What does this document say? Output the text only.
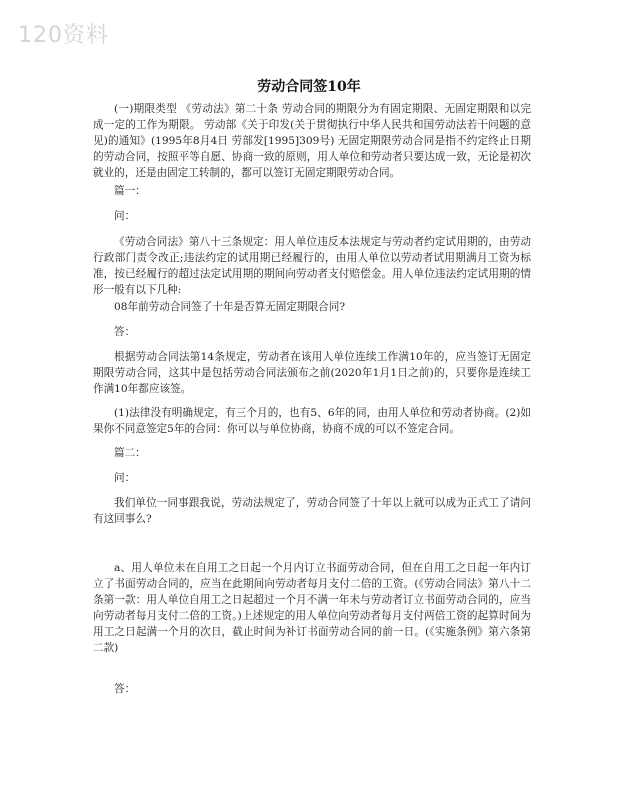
120资料
劳动合同签10年

(一)期限类型 《劳动法》第二十条 劳动合同的期限分为有固定期限、无固定期限和以完成一定的工作为期限。 劳动部《关于印发(关于贯彻执行中华人民共和国劳动法若干问题的意见)的通知》(1995年8月4日 劳部发[1995]309号) 无固定期限劳动合同是指不约定终止日期的劳动合同，按照平等自愿、协商一致的原则，用人单位和劳动者只要达成一致，无论是初次就业的，还是由固定工转制的，都可以签订无固定期限劳动合同。

篇一：

问：

《劳动合同法》第八十三条规定：用人单位违反本法规定与劳动者约定试用期的，由劳动行政部门责令改正;违法约定的试用期已经履行的，由用人单位以劳动者试用期满月工资为标准，按已经履行的超过法定试用期的期间向劳动者支付赔偿金。用人单位违法约定试用期的情形一般有以下几种:

08年前劳动合同签了十年是否算无固定期限合同?

答：

根据劳动合同法第14条规定，劳动者在该用人单位连续工作满10年的，应当签订无固定期限劳动合同，这其中是包括劳动合同法颁布之前(2020年1月1日之前)的，只要你是连续工作满10年都应该签。

(1)法律没有明确规定，有三个月的，也有5、6年的同，由用人单位和劳动者协商。(2)如果你不同意签定5年的合同：你可以与单位协商，协商不成的可以不签定合同。

篇二：

问：

我们单位一同事跟我说，劳动法规定了，劳动合同签了十年以上就可以成为正式工了请问有这回事么?

a、用人单位未在自用工之日起一个月内订立书面劳动合同，但在自用工之日起一年内订立了书面劳动合同的，应当在此期间向劳动者每月支付二倍的工资。(《劳动合同法》第八十二条第一款：用人单位自用工之日起超过一个月不满一年未与劳动者订立书面劳动合同的，应当向劳动者每月支付二倍的工资。)上述规定的用人单位向劳动者每月支付两倍工资的起算时间为用工之日起满一个月的次日，截止时间为补订书面劳动合同的前一日。(《实施条例》第六条第二款)

答：
